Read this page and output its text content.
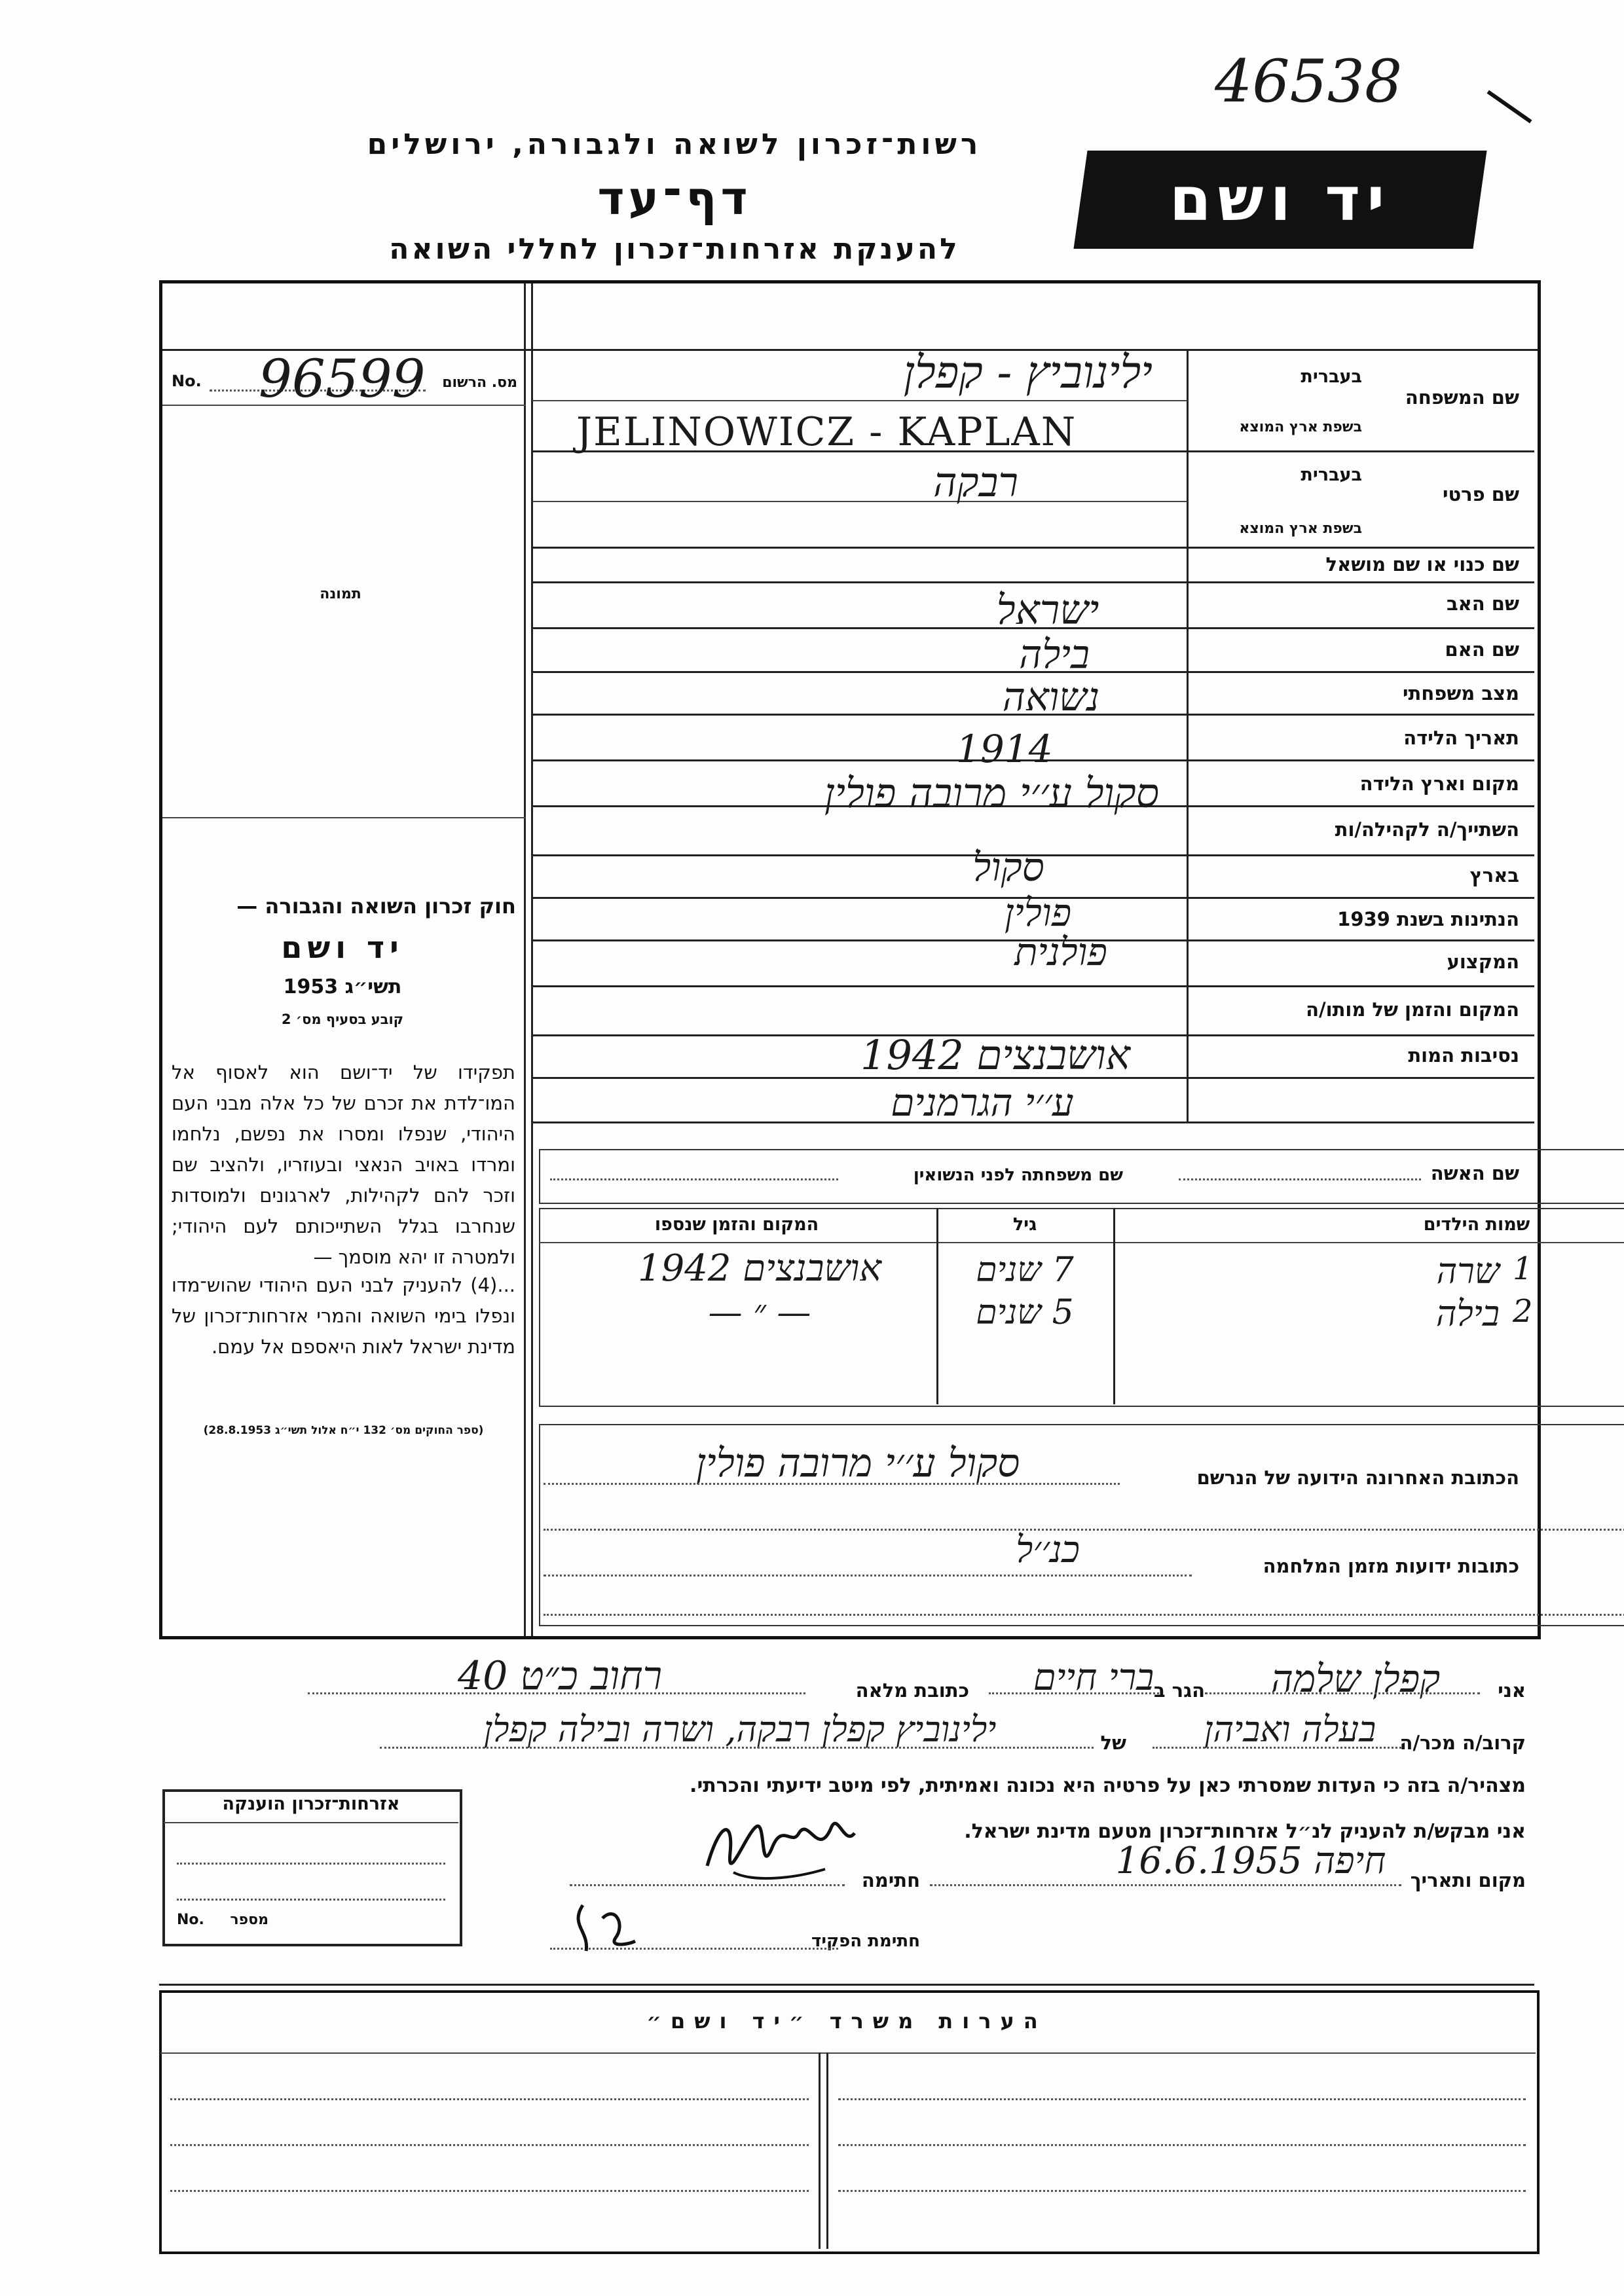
46538
רשות־זכרון לשואה ולגבורה, ירושלים
דף־עד
להענקת אזרחות־זכרון לחללי השואה
יד ושם
No. 96599	מס. הרשום
תמונה
חוק זכרון השואה והגבורה —
יד ושם
תשי״ג 1953
קובע בסעיף מס׳ 2
תפקידו של יד־ושם הוא לאסוף אל המו־לדת את זכרם של כל אלה מבני העם היהודי, שנפלו ומסרו את נפשם, נלחמו ומרדו באויב הנאצי ובעוזריו, ולהציב שם וזכר להם לקהילות, לארגונים ולמוסדות שנחרבו בגלל השתייכותם לעם היהודי; ולמטרה זו יהא מוסמך —
...(4) להעניק לבני העם היהודי שהוש־מדו ונפלו בימי השואה והמרי אזרחות־זכרון של מדינת ישראל לאות היאספם אל עמם.
(ספר החוקים מס׳ 132 י״ח אלול תשי״ג 28.8.1953)
שם המשפחה
בעברית
בשפת ארץ המוצא
שם פרטי
בעברית
בשפת ארץ המוצא
שם כנוי או שם מושאל
שם האב
שם האם
מצב משפחתי
תאריך הלידה
מקום וארץ הלידה
השתייך/ה לקהילה/ות
בארץ
הנתינות בשנת 1939
המקצוע
המקום והזמן של מותו/ה
נסיבות המות
ילינוביץ - קפלן
JELINOWICZ - KAPLAN
רבקה
ישראל
בילה
נשואה
1914
סקול ע׳׳י מרובה פולין
סקול
פולין
פולנית
אושבנצים 1942
ע׳׳י הגרמנים
שם האשה
שם משפחתה לפני הנשואין
שמות הילדים
גיל
המקום והזמן שנספו
1
שרה
7 שנים
אושבנצים 1942
2
בילה
5 שנים
— ״ —
הכתובת האחרונה הידועה של הנרשם
סקול ע׳׳י מרובה פולין
כתובות ידועות מזמן המלחמה
כנ׳׳ל
אני
קפלן שלמה
הגר ב
ברי חיים
כתובת מלאה
רחוב כ״ט 40
קרוב/ה מכר/ה
בעלה ואביהן
של
ילינוביץ קפלן רבקה, ושרה ובילה קפלן
מצהיר/ה בזה כי העדות שמסרתי כאן על פרטיה היא נכונה ואמיתית, לפי מיטב ידיעתי והכרתי.
אני מבקש/ת להעניק לנ״ל אזרחות־זכרון מטעם מדינת ישראל.
מקום ותאריך
חיפה 16.6.1955
חתימה
חתימת הפקיד
אזרחות־זכרון הוענקה
No.	מספר
הערות משרד ״יד ושם״
